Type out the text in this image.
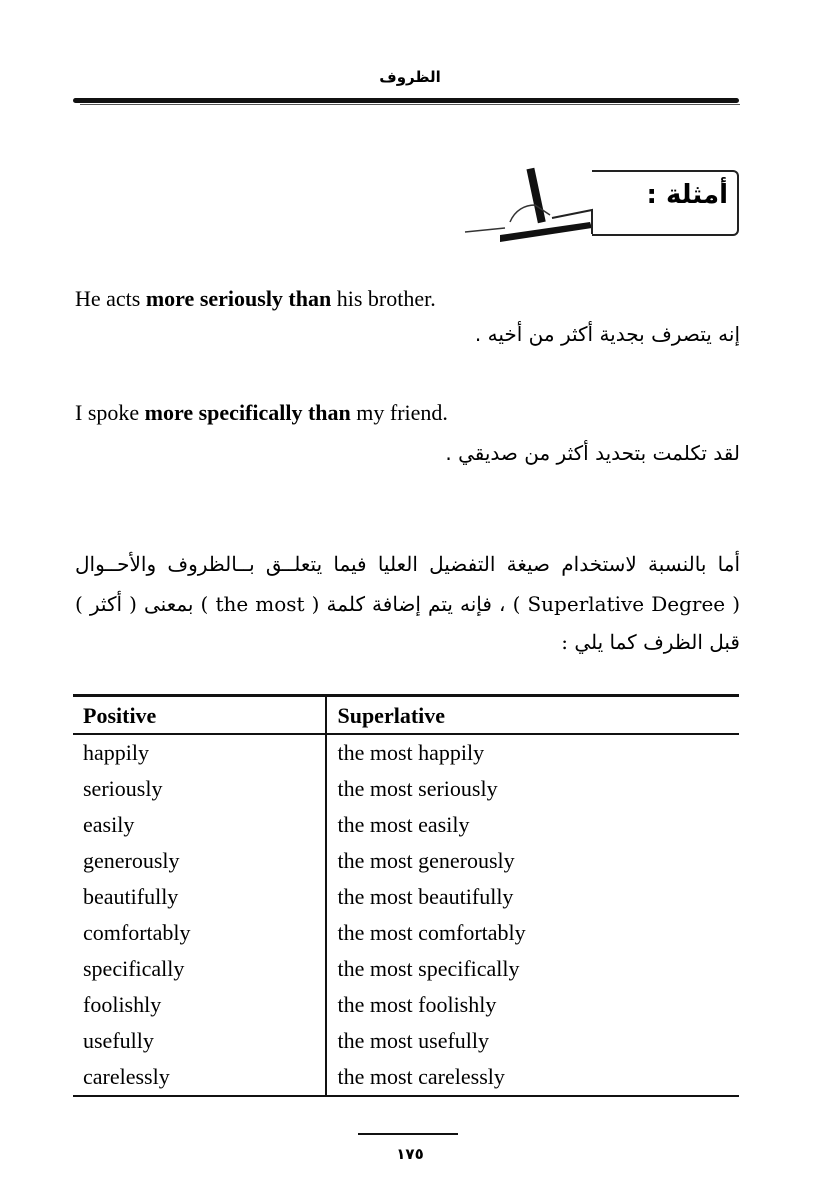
الظروف
أمثلة :
He acts more seriously than his brother.
إنه يتصرف بجدية أكثر من أخيه .
I spoke more specifically than my friend.
لقد تكلمت بتحديد أكثر من صديقي .
أما بالنسبة لاستخدام صيغة التفضيل العليا فيما يتعلــق بــالظروف والأحــوال
( Superlative Degree ) ، فإنه يتم إضافة كلمة ( the most ) بمعنى ( أكثر )
قبل الظرف كما يلي :
Positive	Superlative
happily	the most happily
seriously	the most seriously
easily	the most easily
generously	the most generously
beautifully	the most beautifully
comfortably	the most comfortably
specifically	the most specifically
foolishly	the most foolishly
usefully	the most usefully
carelessly	the most carelessly
١٧٥
